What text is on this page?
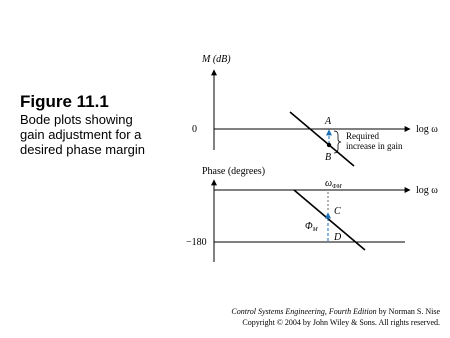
Figure 11.1
Bode plots showing
gain adjustment for a
desired phase margin
M (dB)
0	log ω
A
B
Required
increase in gain
Phase (degrees)
−180
log ω
$\omega_{\Phi M}$
C
D
$\Phi_M$
Control Systems Engineering, Fourth Edition by Norman S. Nise
Copyright © 2004 by John Wiley & Sons. All rights reserved.
